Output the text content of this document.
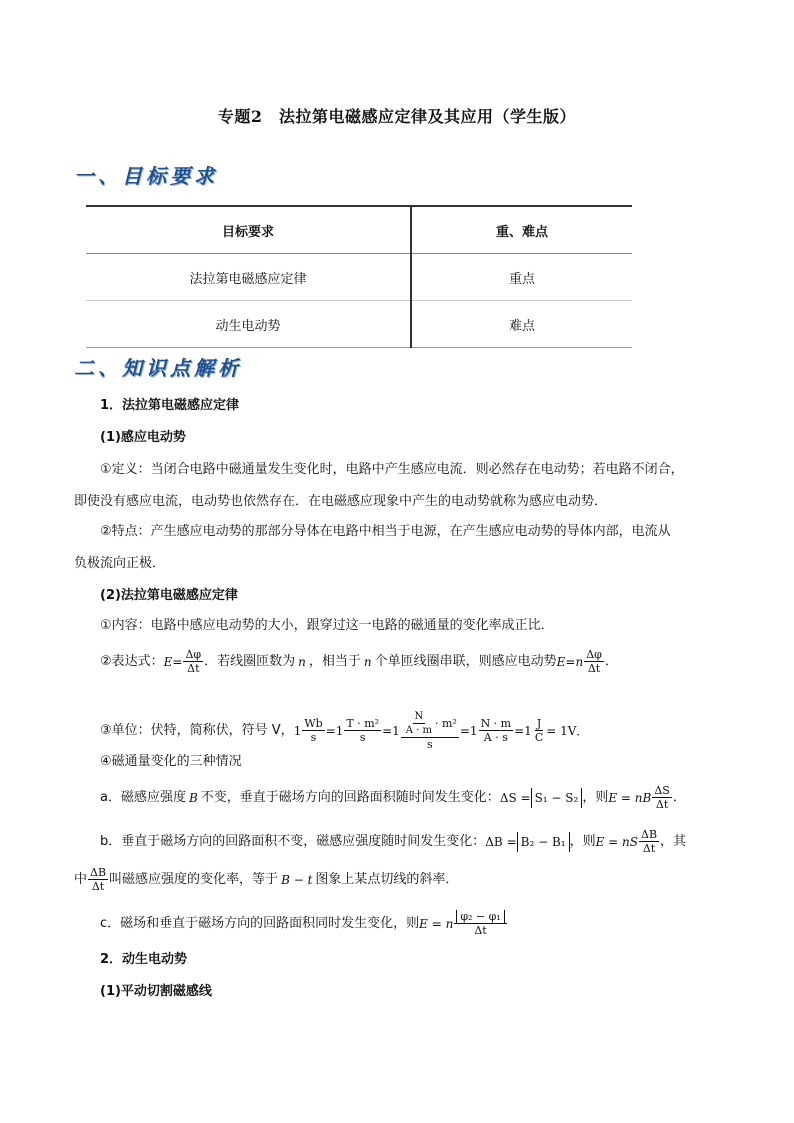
专题2　法拉第电磁感应定律及其应用（学生版）
一、目标要求
目标要求	重、难点
法拉第电磁感应定律	重点
动生电动势	难点
二、知识点解析
1．法拉第电磁感应定律
(1)感应电动势
①定义：当闭合电路中磁通量发生变化时，电路中产生感应电流．则必然存在电动势；若电路不闭合，
即使没有感应电流，电动势也依然存在．在电磁感应现象中产生的电动势就称为感应电动势．
②特点：产生感应电动势的那部分导体在电路中相当于电源，在产生感应电动势的导体内部，电流从
负极流向正极．
(2)法拉第电磁感应定律
①内容：电路中感应电动势的大小，跟穿过这一电路的磁通量的变化率成正比．
②表达式： $E = \frac{\Delta\varphi}{\Delta t}$ ．若线圈匝数为 n ，相当于 n 个单匝线圈串联，则感应电动势 E = n $\frac{\Delta\varphi}{\Delta t}$ ．
③单位：伏特，简称伏，符号 V， $1 \frac{Wb}{s} = 1 \frac{\text{T · m²}}{s} = 1 \frac{\frac{N}{A \cdot m} \cdot m^2}{s} = 1 \frac{N \cdot m}{A \cdot s} = 1 \frac{J}{C} = 1V$．
④磁通量变化的三种情况
a．磁感应强度 B 不变，垂直于磁场方向的回路面积随时间发生变化： ΔS = S₁ − S₂ ，则 E = nB $\frac{\Delta S}{\Delta t}$ ．
b．垂直于磁场方向的回路面积不变，磁感应强度随时间发生变化： ΔB = B₂ − B₁ ，则 E = nS $\frac{\Delta B}{\Delta t}$ ，其
中 $\frac{\Delta B}{\Delta t}$ 叫磁感应强度的变化率，等于 B − t 图象上某点切线的斜率．
c．磁场和垂直于磁场方向的回路面积同时发生变化，则 E = n $\frac{\text{φ₂ − φ₁}}{\Delta t}$
2．动生电动势
(1)平动切割磁感线
